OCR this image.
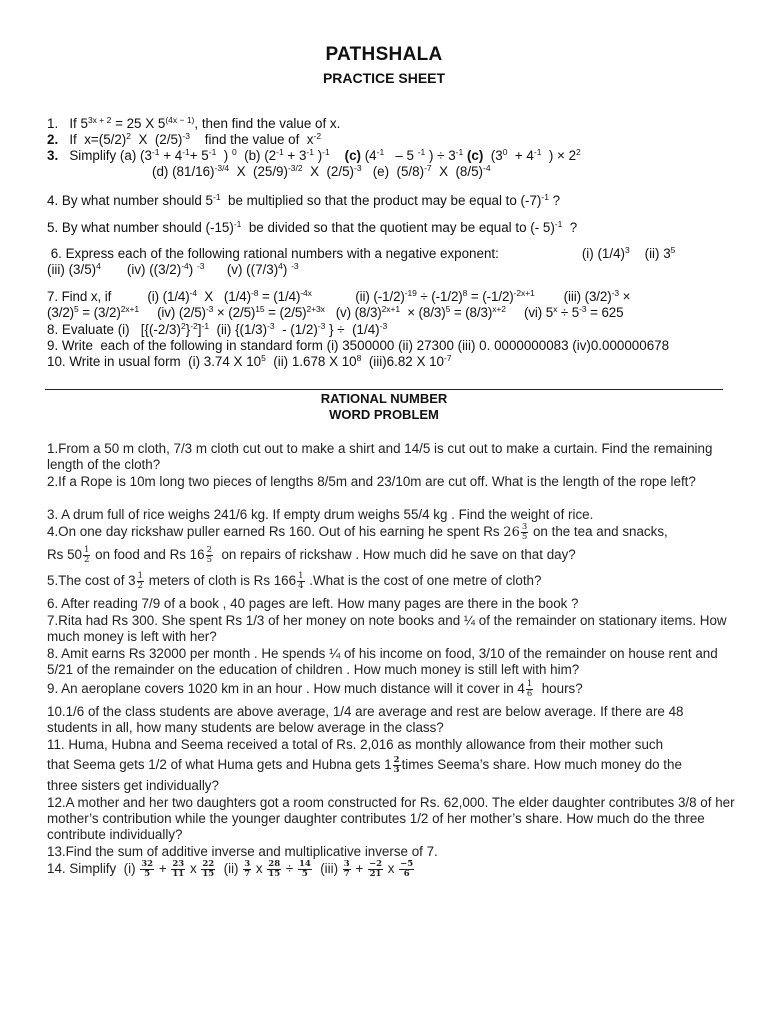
PATHSHALA
PRACTICE SHEET

1.   If $5^{3x + 2} = 25$ X $5^{(4x - 1)}$, then find the value of x.

2.   If  $x=(5/2)^2$  X  $(2/5)^{-3}$    find the value of  $x^{-2}$

3.   Simplify (a) ($3^{-1} + 4^{-1}+ 5^{-1}$  ) $^0$  (b) ($2^{-1} + 3^{-1}$ )$^{-1}$ (c) ($4^{-1} - 5$ $^{-1}$ ) ÷ $3^{-1}$ (c)  ($3^0 + 4^{-1}$  ) × $2^2$

(d) $(81/16)^{-3/4}$  X  $(25/9)^{-3/2}$  X  $(2/5)^{-3}$   (e)  $(5/8)^{-7}$  X  $(8/5)^{-4}$

4. By what number should $5^{-1}$  be multiplied so that the product may be equal to $(-7)^{-1}$ ?
5. By what number should $(-15)^{-1}$  be divided so that the quotient may be equal to (- 5)$^{-1}$  ?

6. Express each of the following rational numbers with a negative exponent:	(i) $(1/4)^3$    (ii) $3^5$

(iii) $(3/5)^4$       (iv) $((3/2)^{-4})$ $^{-3}$      (v) $((7/3)^4)$ $^{-3}$

7. Find x, if          (i) $(1/4)^{-4}$  X   $(1/4)^{-8} = (1/4)^{-4x}$            (ii) $(-1/2)^{-19} \div (-1/2)^8 = (-1/2)^{-2x+1}$        (iii) $(3/2)^{-3}$ ×

$(3/2)^5 = (3/2)^{2x+1}$     (iv) $(2/5)^{-3} \times (2/5)^{15} = (2/5)^{2+3x}$   (v) $(8/3)^{2x+1} \times (8/3)^5 = (8/3)^{x+2}$     (vi) $5^x \div 5^{-3} = 625$

8. Evaluate (i)   $[\{(-2/3)^2\}^{-2}]^{-1}$  (ii) {$(1/3)^{-3} - (1/2)^{-3}$ } ÷  $(1/4)^{-3}$

9. Write  each of the following in standard form (i) 3500000 (ii) 27300 (iii) 0. 0000000083 (iv)0.000000678

10. Write in usual form  (i) 3.74 X $10^5$  (ii) 1.678 X $10^8$  (iii)6.82 X $10^{-7}$

RATIONAL NUMBER
WORD PROBLEM
1.From a 50 m cloth, 7/3 m cloth cut out to make a shirt and 14/5 is cut out to make a curtain. Find the remaining length of the cloth?
2.If a Rope is 10m long two pieces of lengths 8/5m and 23/10m are cut off. What is the length of the rope left?
3. A drum full of rice weighs 241/6 kg. If empty drum weighs 55/4 kg . Find the weight of rice.

4.On one day rickshaw puller earned Rs 160. Out of his earning he spent Rs $26 \frac{3}{5}$ on the tea and snacks,

Rs $50 \frac{1}{2}$ on food and Rs $16 \frac{2}{5}$ on repairs of rickshaw . How much did he save on that day?

5.The cost of $3 \frac{1}{2}$ meters of cloth is Rs $166 \frac{1}{4}$ .What is the cost of one metre of cloth?

6. After reading 7/9 of a book , 40 pages are left. How many pages are there in the book ?
7.Rita had Rs 300. She spent Rs 1/3 of her money on note books and ¼ of the remainder on stationary items. How much money is left with her?
8. Amit earns Rs 32000 per month . He spends ¼ of his income on food, 3/10 of the remainder on house rent and 5/21 of the remainder on the education of children . How much money is still left with him?

9. An aeroplane covers 1020 km in an hour . How much distance will it cover in $4 \frac{1}{6}$ hours?

10.1/6 of the class students are above average, 1/4 are average and rest are below average. If there are 48 students in all, how many students are below average in the class?

11. Huma, Hubna and Seema received a total of Rs. 2,016 as monthly allowance from their mother such

that Seema gets 1/2 of what Huma gets and Hubna gets $1 \frac{2}{3}$ times Seema’s share. How much money do the

three sisters get individually?

12.A mother and her two daughters got a room constructed for Rs. 62,000. The elder daughter contributes 3/8 of her mother’s contribution while the younger daughter contributes 1/2 of her mother’s share. How much do the three contribute individually?
13.Find the sum of additive inverse and multiplicative inverse of 7.

14. Simplify  $(i) \frac{32}{5} + \frac{23}{11}$ x $\frac{22}{15} (ii) \frac{3}{7}$ x $\frac{28}{15} \div \frac{14}{5} (iii) \frac{3}{7} + \frac{-2}{21}$ x $\frac{-5}{6}$
